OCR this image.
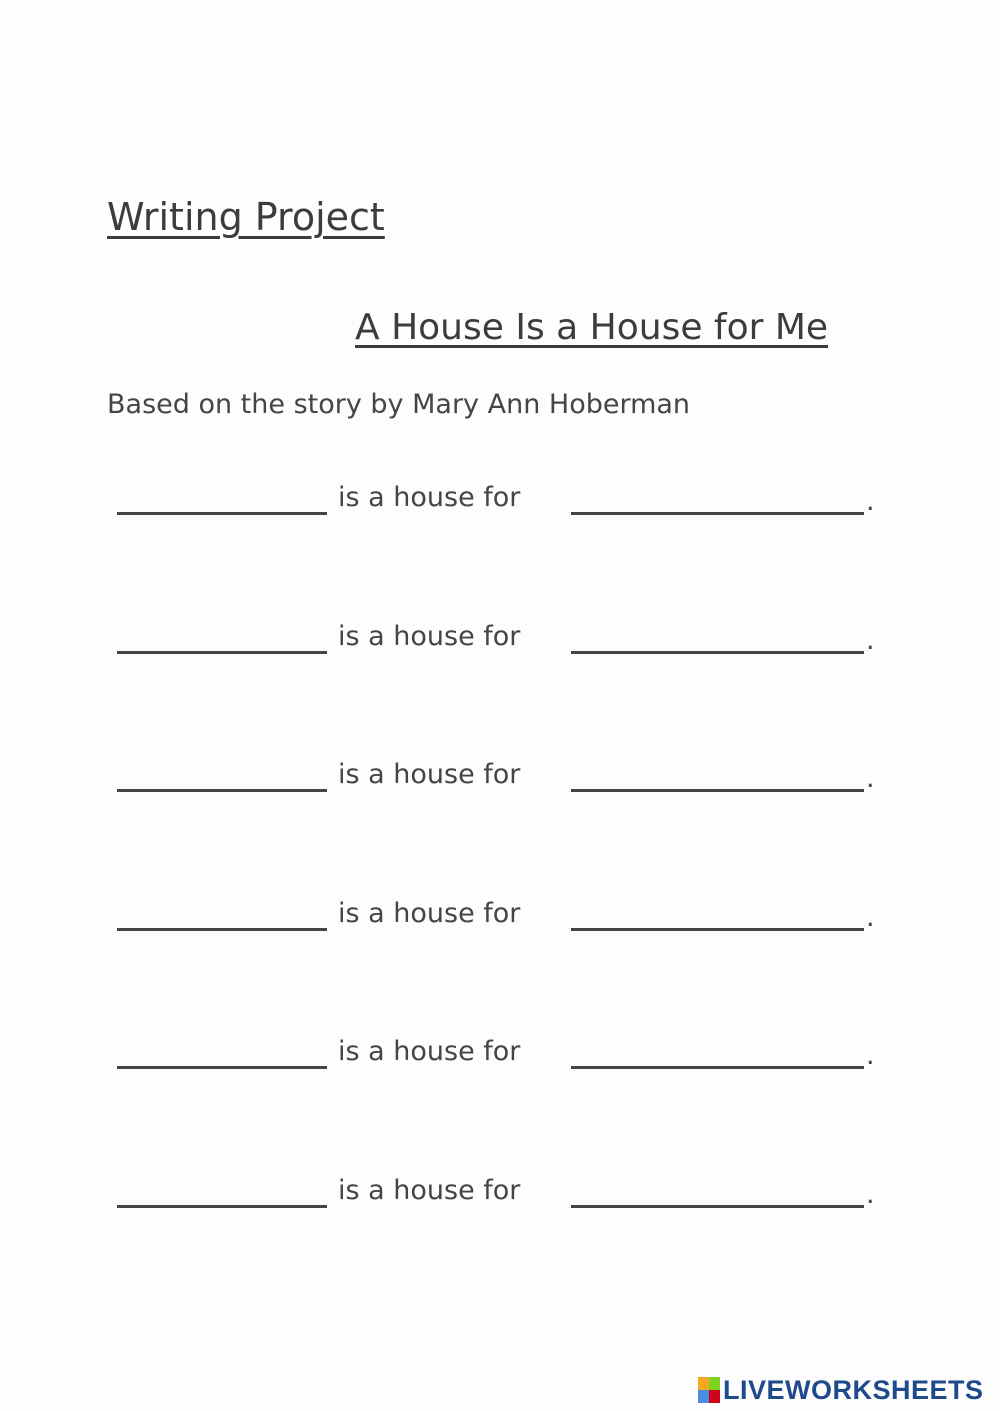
Writing Project
A House Is a House for Me
Based on the story by Mary Ann Hoberman
is a house for	.
is a house for	.
is a house for	.
is a house for	.
is a house for	.
is a house for	.
LIVEWORKSHEETS
